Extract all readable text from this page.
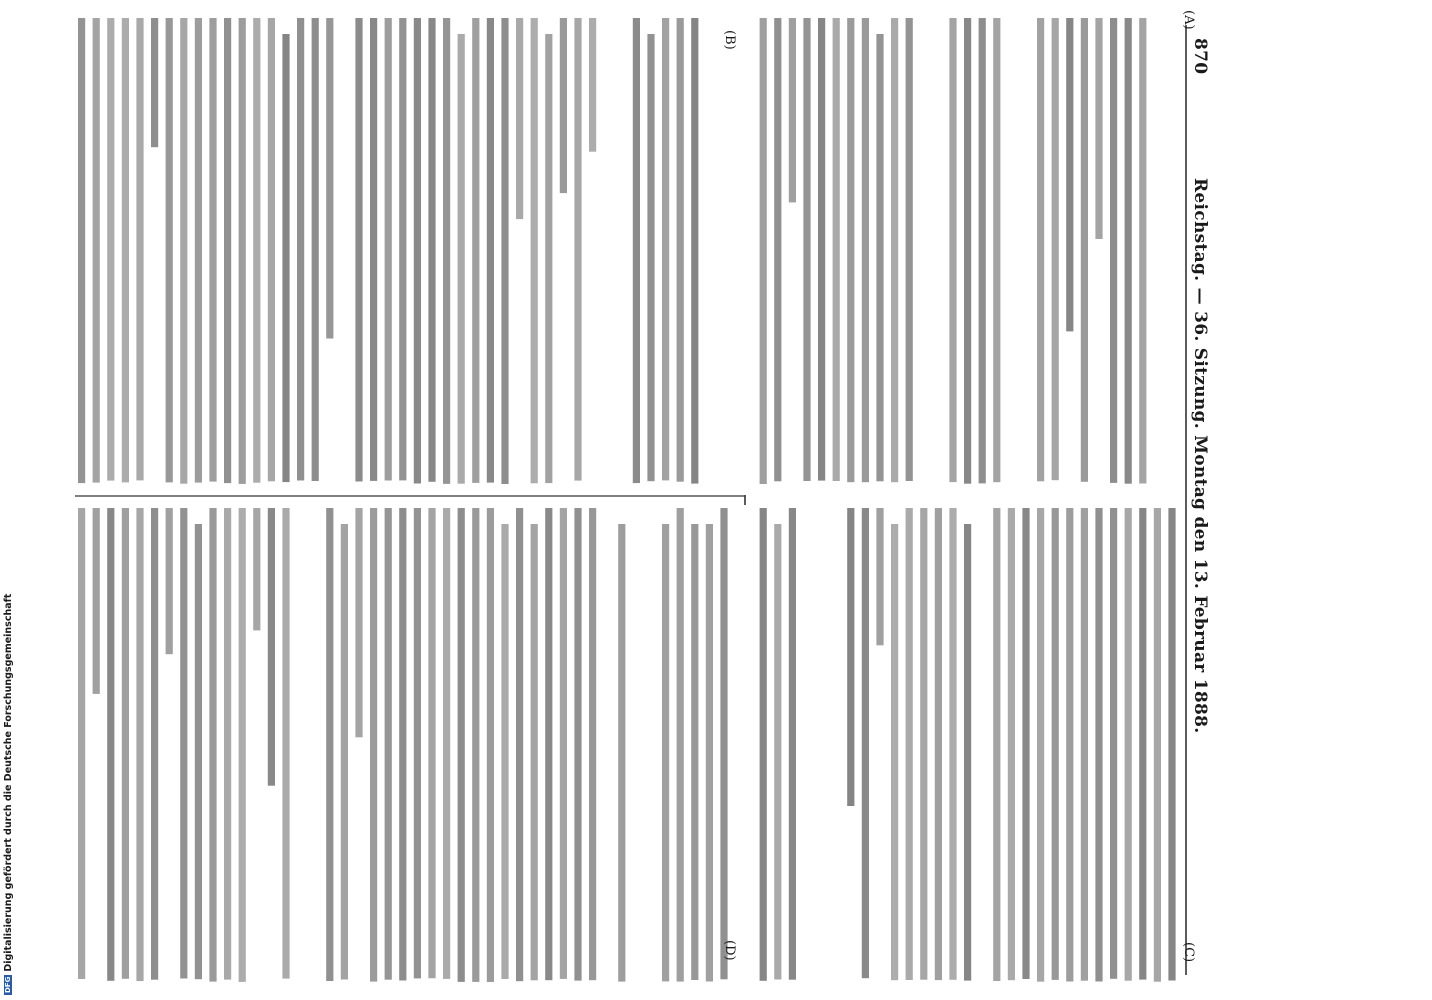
870
Reichstag. — 36. Sitzung. Montag den 13. Februar 1888.
(A)
(B)
(C)
(D)
DFGDigitalisierung gefördert durch die Deutsche Forschungsgemeinschaft
